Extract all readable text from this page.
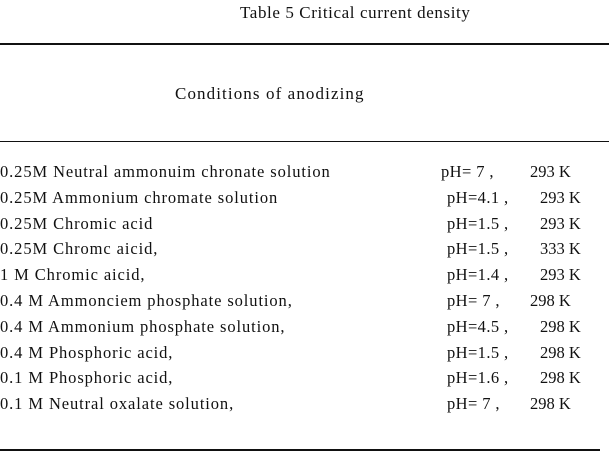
Table 5 Critical current density
Conditions of anodizing
0.25M Neutral ammonuim chronate solution	pH= 7 , 293 K
0.25M Ammonium chromate solution	pH=4.1 , 293 K
0.25M Chromic acid	pH=1.5 , 293 K
0.25M Chromc aicid,	pH=1.5 , 333 K
1 M Chromic aicid,	pH=1.4 , 293 K
0.4 M Ammonciem phosphate solution,	pH= 7 , 298 K
0.4 M Ammonium phosphate solution,	pH=4.5 , 298 K
0.4 M Phosphoric acid,	pH=1.5 , 298 K
0.1 M Phosphoric acid,	pH=1.6 , 298 K
0.1 M Neutral oxalate solution,	pH= 7 , 298 K
